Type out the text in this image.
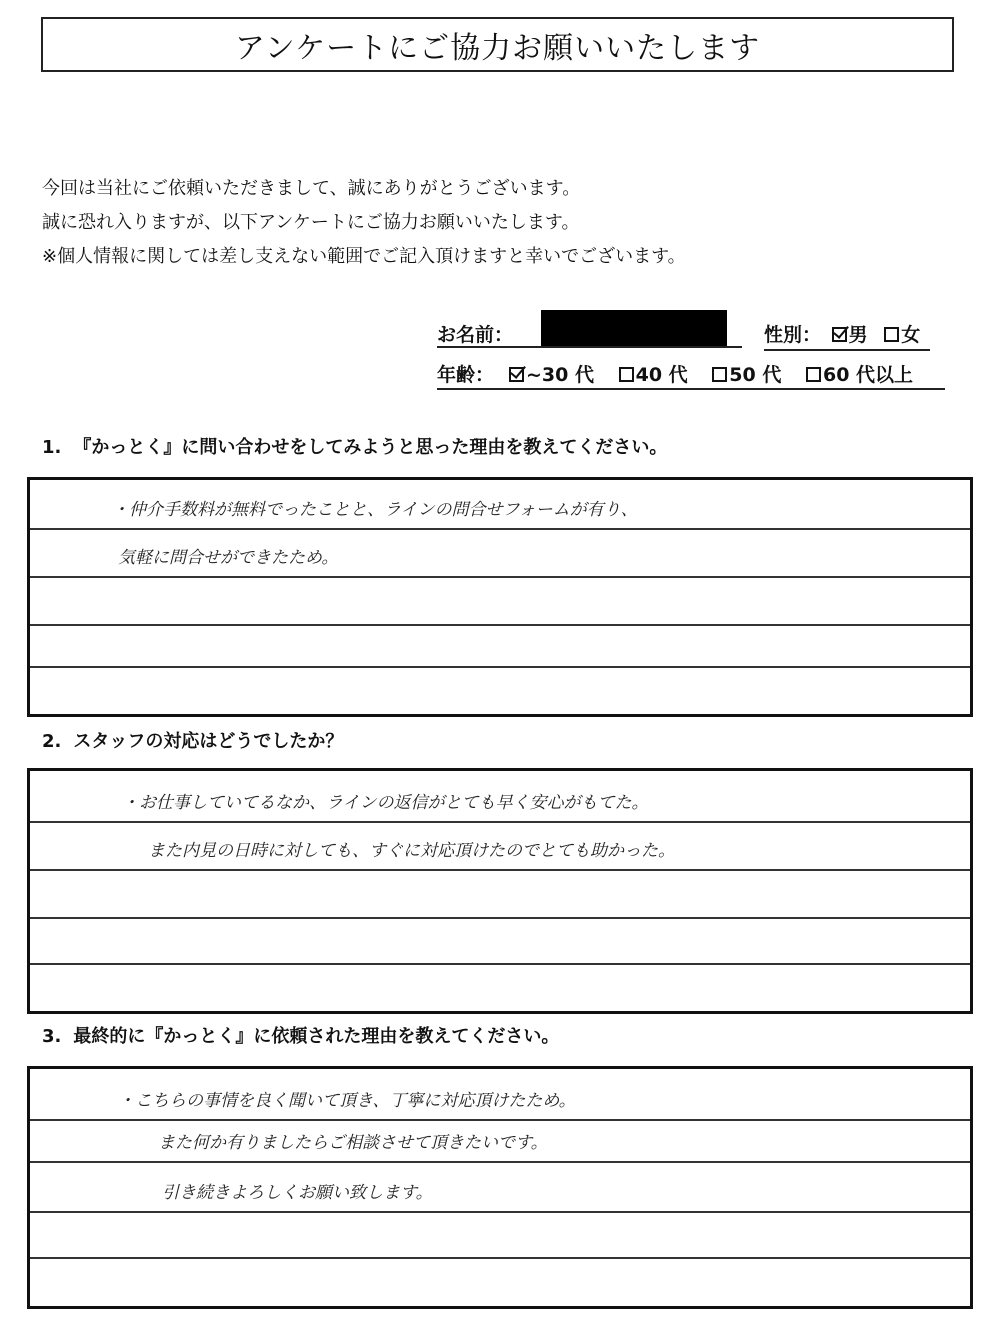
アンケートにご協力お願いいたします
今回は当社にご依頼いただきまして、誠にありがとうございます。
誠に恐れ入りますが、以下アンケートにご協力お願いいたします。
※個人情報に関しては差し支えない範囲でご記入頂けますと幸いでございます。
お名前：	性別： 男 女
年齢：	~30 代 40 代 50 代 60 代以上
1. 『かっとく』に問い合わせをしてみようと思った理由を教えてください。
・仲介手数料が無料でったことと、ラインの問合せフォームが有り、
気軽に問合せができたため。
2. スタッフの対応はどうでしたか？
・お仕事していてるなか、ラインの返信がとても早く安心がもてた。
また内見の日時に対しても、すぐに対応頂けたのでとても助かった。
3. 最終的に『かっとく』に依頼された理由を教えてください。
・こちらの事情を良く聞いて頂き、丁寧に対応頂けたため。
また何か有りましたらご相談させて頂きたいです。
引き続きよろしくお願い致します。
